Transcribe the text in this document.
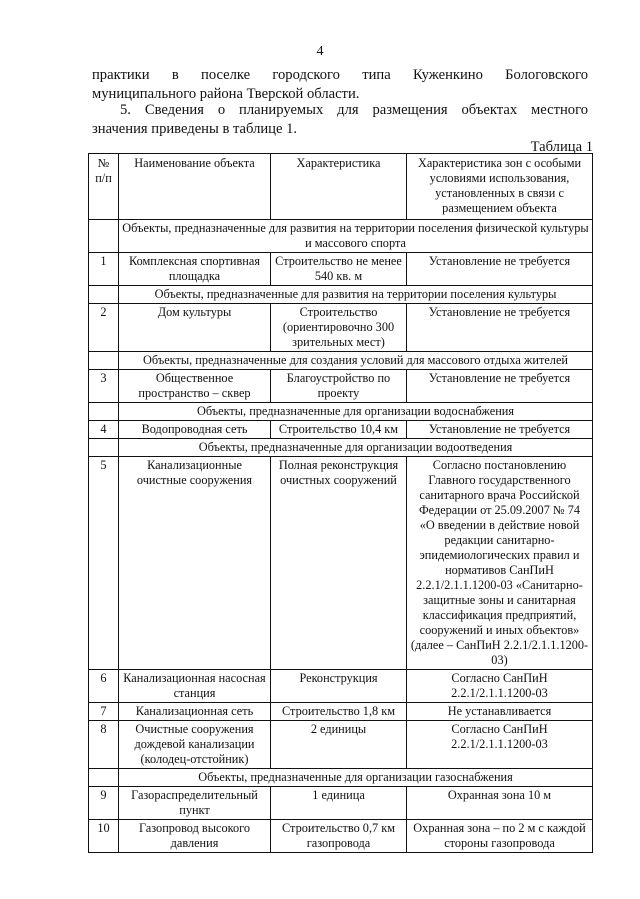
4
практики в поселке городского типа Куженкино Бологовского
муниципального района Тверской области.
5. Сведения о планируемых для размещения объектах местного
значения приведены в таблице 1.
Таблица 1
№ п/п	Наименование объекта	Характеристика	Характеристика зон с особыми условиями использования, установленных в связи с размещением объекта
	Объекты, предназначенные для развития на территории поселения физической культуры и массового спорта		
1	Комплексная спортивная площадка	Строительство не менее 540 кв. м	Установление не требуется
	Объекты, предназначенные для развития на территории поселения культуры		
2	Дом культуры	Строительство (ориентировочно 300 зрительных мест)	Установление не требуется
	Объекты, предназначенные для создания условий для массового отдыха жителей		
3	Общественное пространство – сквер	Благоустройство по проекту	Установление не требуется
	Объекты, предназначенные для организации водоснабжения		
4	Водопроводная сеть	Строительство 10,4 км	Установление не требуется
	Объекты, предназначенные для организации водоотведения		
5	Канализационные очистные сооружения	Полная реконструкция очистных сооружений	Согласно постановлению Главного государственного санитарного врача Российской Федерации от 25.09.2007 № 74 «О введении в действие новой редакции санитарно-эпидемиологических правил и нормативов СанПиН 2.2.1/2.1.1.1200-03 «Санитарно-защитные зоны и санитарная классификация предприятий, сооружений и иных объектов» (далее – СанПиН 2.2.1/2.1.1.1200-03)
6	Канализационная насосная станция	Реконструкция	Согласно СанПиН 2.2.1/2.1.1.1200-03
7	Канализационная сеть	Строительство 1,8 км	Не устанавливается
8	Очистные сооружения дождевой канализации (колодец-отстойник)	2 единицы	Согласно СанПиН 2.2.1/2.1.1.1200-03
	Объекты, предназначенные для организации газоснабжения		
9	Газораспределительный пункт	1 единица	Охранная зона 10 м
10	Газопровод высокого давления	Строительство 0,7 км газопровода	Охранная зона – по 2 м с каждой стороны газопровода
